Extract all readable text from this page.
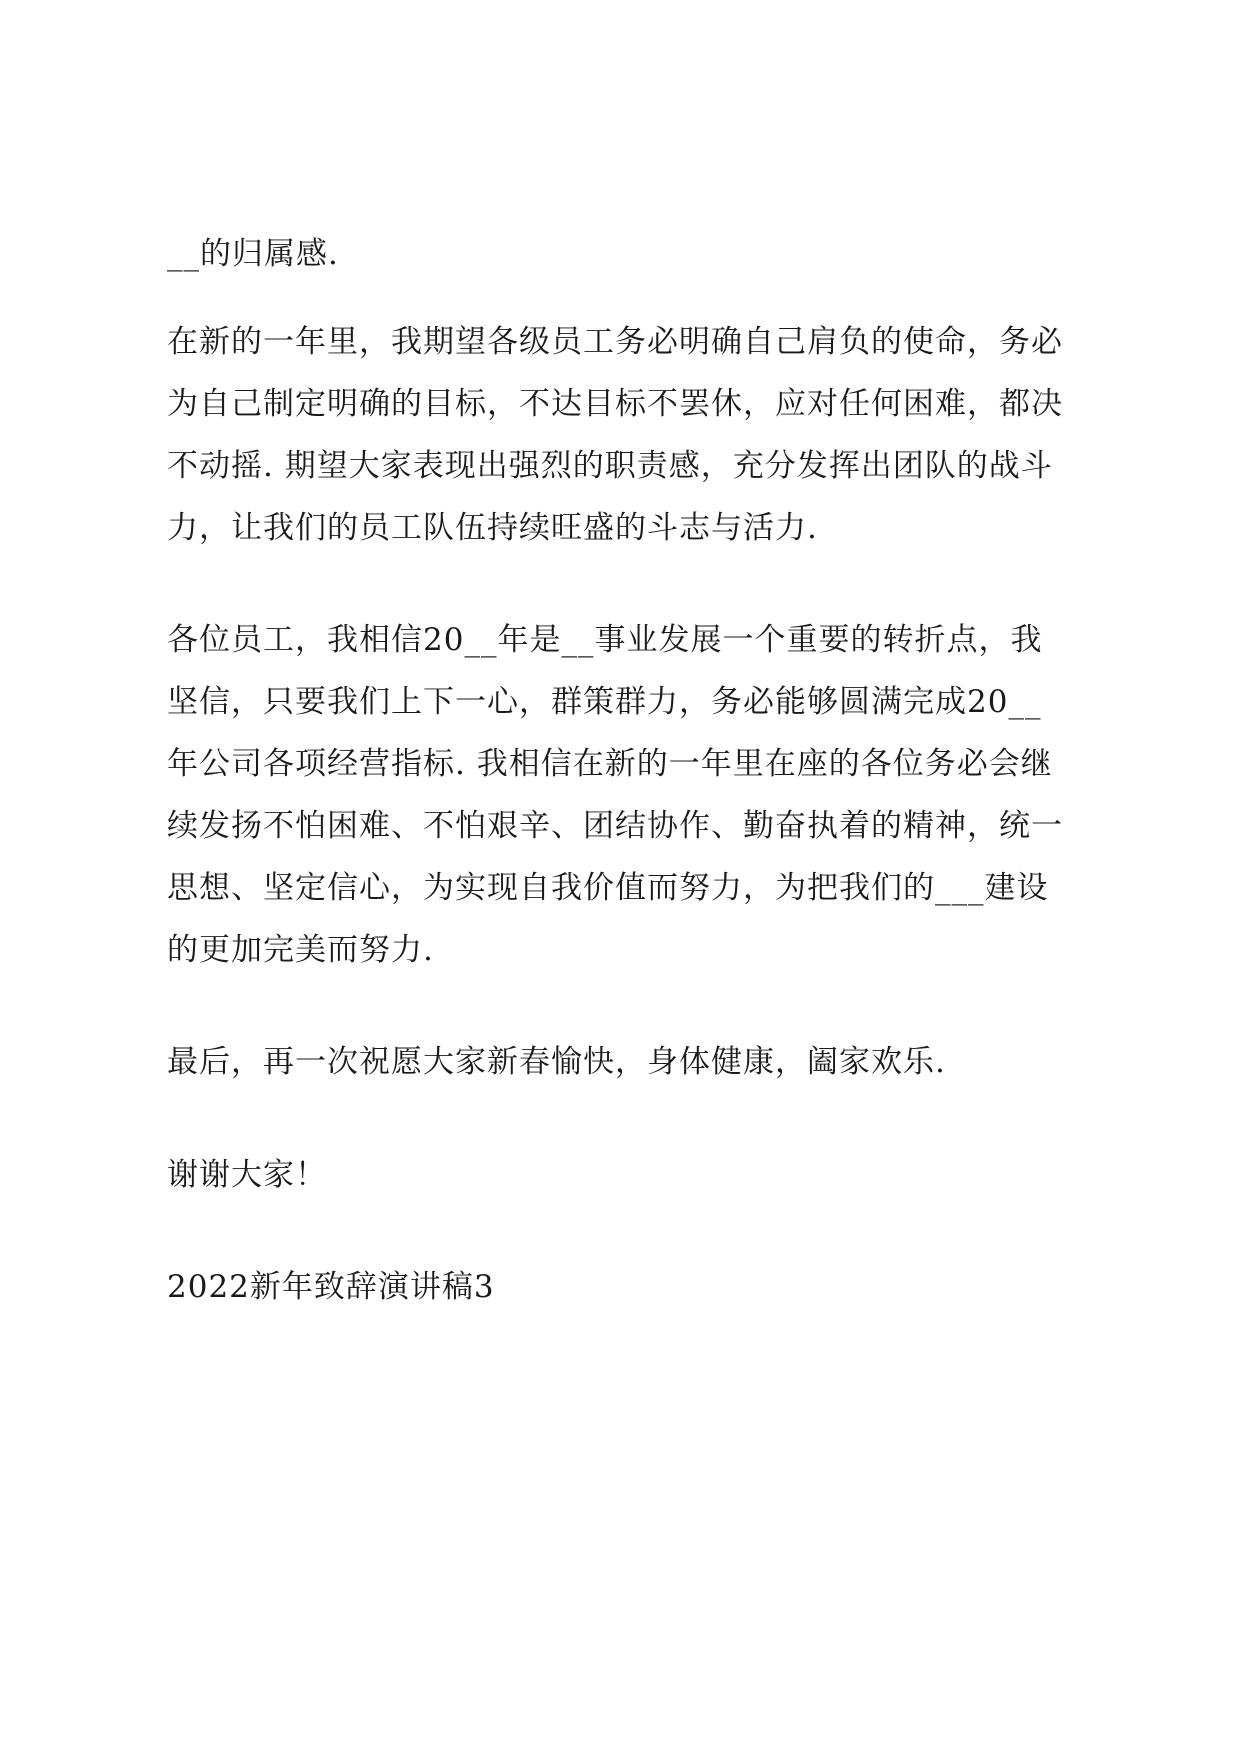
__的归属感.

在新的一年里，我期望各级员工务必明确自己肩负的使命，务必

为自己制定明确的目标，不达目标不罢休，应对任何困难，都决

不动摇. 期望大家表现出强烈的职责感，充分发挥出团队的战斗

力，让我们的员工队伍持续旺盛的斗志与活力.

各位员工，我相信20__年是__事业发展一个重要的转折点，我

坚信，只要我们上下一心，群策群力，务必能够圆满完成20__

年公司各项经营指标. 我相信在新的一年里在座的各位务必会继

续发扬不怕困难、不怕艰辛、团结协作、勤奋执着的精神，统一

思想、坚定信心，为实现自我价值而努力，为把我们的___建设

的更加完美而努力.

最后，再一次祝愿大家新春愉快，身体健康，阖家欢乐.

谢谢大家！

2022新年致辞演讲稿3
